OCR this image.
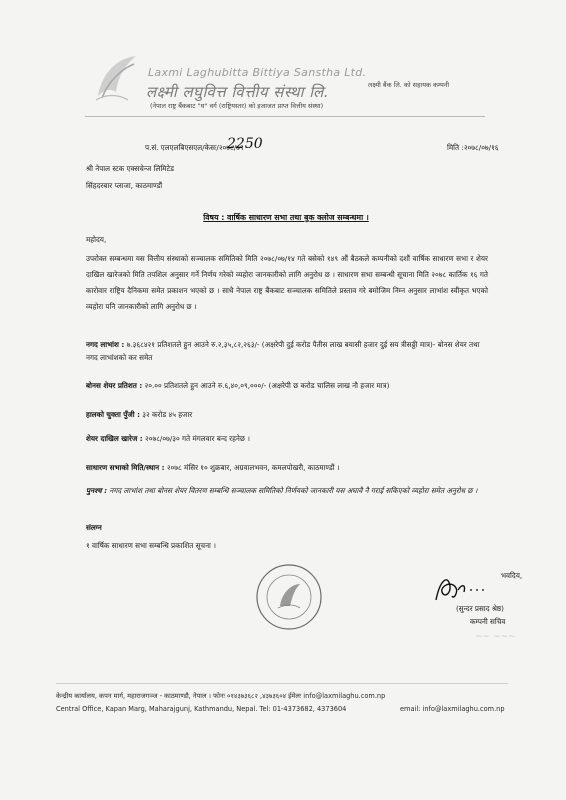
Laxmi Laghubitta Bittiya Sanstha Ltd.
लक्ष्मी लघुवित्त वित्तीय संस्था लि.	लक्ष्मी बैंक लि. को सहायक कम्पनी
(नेपाल राष्ट्र बैंकबाट "घ" वर्ग (राष्ट्रियस्तर) को इजाजत प्राप्त वित्तीय संस्था)
प.सं. एलएलबिएसएल/केसः/२०७८/७९
2250	मिति :२०७८/०७/१६
श्री नेपाल स्टक एक्सचेन्ज लिमिटेड
सिंहदरबार प्लाजा, काठमाण्डौं
विषय : वार्षिक साधारण सभा तथा बुक क्लोज सम्बन्धमा ।
महोदय,
उपरोक्त सम्बन्धमा यस वित्तीय संस्थाको सञ्चालक समितिको मिति २०७८/०७/१४ गते बसेको १४९ औं बैठकले कम्पनीको दशौं वार्षिक साधारण सभा र शेयर दाखिल खारेजको मिति तपशिल अनुसार गर्ने निर्णय गरेको व्यहोरा जानकारीको लागि अनुरोध छ । साधारण सभा सम्बन्धी सूचाना मिति २०७८ कार्तिक १६ गते कारोवार राष्ट्रिय दैनिकमा समेत प्रकाशन भएको छ । साथै नेपाल राष्ट्र बैंकबाट सञ्चालक समितिले प्रस्ताव गरे बमोजिम निम्न अनुसार लाभांश स्वीकृत भएको व्यहोरा पनि जानकारीको लागि अनुरोध छ ।
नगद लाभांश : ७.३६८४२१ प्रतिशतले हुन आउने रु.२,३५,८२,२६३/- (अक्षरेपी दुई करोड पैतीस लाख बयासी हजार दुई सय त्रीसठ्ठी मात्र)- बोनस शेयर तथा नगद लाभांशको कर समेत
बोनस शेयर प्रतिशत : २०.०० प्रतिशतले हुन आउने रु.६,४०,०९,०००/- (अक्षरेपी छ करोड चालिस लाख नौ हजार मात्र)
हालको चुक्ता पुँजी : ३२ करोड ४५ हजार
शेयर दाखिल खारेज : २०७८/०७/३० गते मंगलवार बन्द रहनेछ ।
साधारण सभाको मिति/स्थान : २०७८ मंसिर १० शुक्रबार, अग्रवालभवन, कमलपोखरी, काठमाण्डौं ।
पुनश्च : नगद लाभांश तथा बोनस शेयर वितरण सम्बन्धि सञ्चालक समितिको निर्णयको जानकारी यस अघावै नै गराई सकिएको व्यहोरा समेत अनुरोध छ ।
संलग्न
१ वार्षिक साधारण सभा सम्बन्धि प्रकाशित सूचना ।
भवदिय,
(सुन्दर प्रसाद श्रेष्ठ)
कम्पनी सचिव
~~ ~~~
केन्द्रीय कार्यालय, कपन मार्ग, महाराजगञ्ज - काठमाण्डौ, नेपाल । फोनः ०१४३७३६८२ ,४३७३६०४ ईमेलः info@laxmilaghu.com.np
Central Office, Kapan Marg, Maharajgunj, Kathmandu, Nepal. Tel: 01-4373682, 4373604	email: info@laxmilaghu.com.np
